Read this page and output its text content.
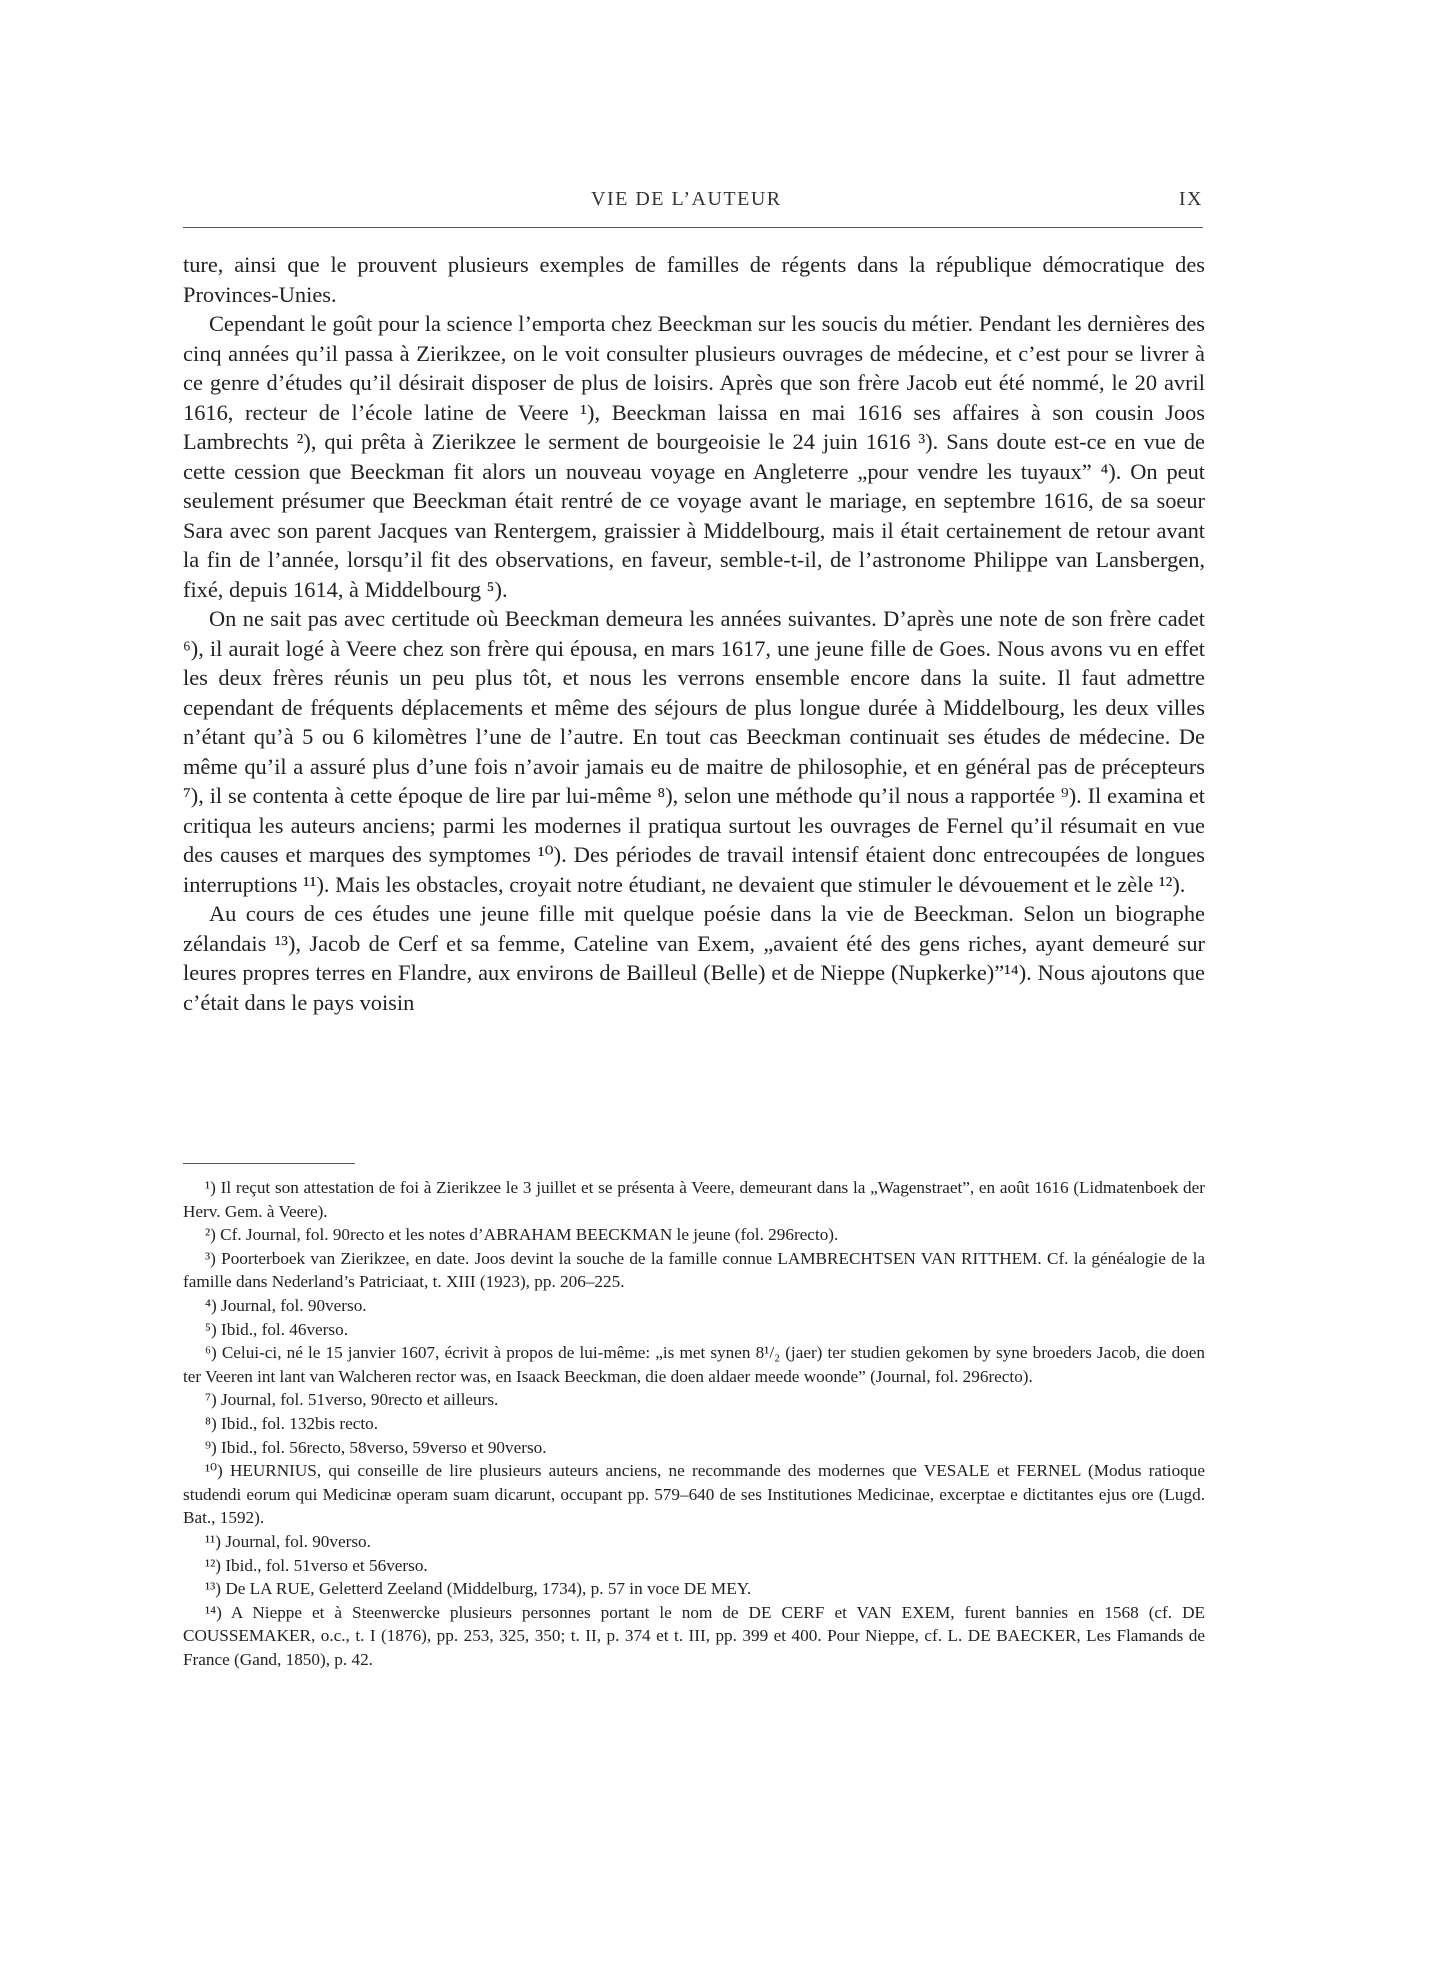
VIE DE L’AUTEUR	IX

ture, ainsi que le prouvent plusieurs exemples de familles de régents dans la république démocratique des Provinces-Unies.

Cependant le goût pour la science l’emporta chez Beeckman sur les soucis du métier. Pendant les dernières des cinq années qu’il passa à Zierikzee, on le voit consulter plusieurs ouvrages de médecine, et c’est pour se livrer à ce genre d’études qu’il désirait disposer de plus de loisirs. Après que son frère Jacob eut été nommé, le 20 avril 1616, recteur de l’école latine de Veere ¹), Beeckman laissa en mai 1616 ses affaires à son cousin Joos Lambrechts ²), qui prêta à Zierikzee le serment de bourgeoisie le 24 juin 1616 ³). Sans doute est-ce en vue de cette cession que Beeckman fit alors un nouveau voyage en Angleterre „pour vendre les tuyaux” ⁴). On peut seulement présumer que Beeckman était rentré de ce voyage avant le mariage, en septembre 1616, de sa soeur Sara avec son parent Jacques van Rentergem, graissier à Middelbourg, mais il était certainement de retour avant la fin de l’année, lorsqu’il fit des observations, en faveur, semble-t-il, de l’astronome Philippe van Lansbergen, fixé, depuis 1614, à Middelbourg ⁵).

On ne sait pas avec certitude où Beeckman demeura les années suivantes. D’après une note de son frère cadet ⁶), il aurait logé à Veere chez son frère qui épousa, en mars 1617, une jeune fille de Goes. Nous avons vu en effet les deux frères réunis un peu plus tôt, et nous les verrons ensemble encore dans la suite. Il faut admettre cependant de fréquents déplacements et même des séjours de plus longue durée à Middelbourg, les deux villes n’étant qu’à 5 ou 6 kilomètres l’une de l’autre. En tout cas Beeckman continuait ses études de médecine. De même qu’il a assuré plus d’une fois n’avoir jamais eu de maitre de philosophie, et en général pas de précepteurs ⁷), il se contenta à cette époque de lire par lui-même ⁸), selon une méthode qu’il nous a rapportée ⁹). Il examina et critiqua les auteurs anciens; parmi les modernes il pratiqua surtout les ouvrages de Fernel qu’il résumait en vue des causes et marques des symptomes ¹⁰). Des périodes de travail intensif étaient donc entrecoupées de longues interruptions ¹¹). Mais les obstacles, croyait notre étudiant, ne devaient que stimuler le dévouement et le zèle ¹²).

Au cours de ces études une jeune fille mit quelque poésie dans la vie de Beeckman. Selon un biographe zélandais ¹³), Jacob de Cerf et sa femme, Cateline van Exem, „avaient été des gens riches, ayant demeuré sur leures propres terres en Flandre, aux environs de Bailleul (Belle) et de Nieppe (Nupkerke)”¹⁴). Nous ajoutons que c’était dans le pays voisin

¹) Il reçut son attestation de foi à Zierikzee le 3 juillet et se présenta à Veere, demeurant dans la „Wagenstraet”, en août 1616 (Lidmatenboek der Herv. Gem. à Veere).

²) Cf. Journal, fol. 90recto et les notes d’ABRAHAM BEECKMAN le jeune (fol. 296recto).

³) Poorterboek van Zierikzee, en date. Joos devint la souche de la famille connue LAMBRECHTSEN VAN RITTHEM. Cf. la généalogie de la famille dans Nederland’s Patriciaat, t. XIII (1923), pp. 206–225.

⁴) Journal, fol. 90verso.

⁵) Ibid., fol. 46verso.

⁶) Celui-ci, né le 15 janvier 1607, écrivit à propos de lui-même: „is met synen 8¹/₂ (jaer) ter studien gekomen by syne broeders Jacob, die doen ter Veeren int lant van Walcheren rector was, en Isaack Beeckman, die doen aldaer meede woonde” (Journal, fol. 296recto).

⁷) Journal, fol. 51verso, 90recto et ailleurs.

⁸) Ibid., fol. 132bis recto.

⁹) Ibid., fol. 56recto, 58verso, 59verso et 90verso.

¹⁰) HEURNIUS, qui conseille de lire plusieurs auteurs anciens, ne recommande des modernes que VESALE et FERNEL (Modus ratioque studendi eorum qui Medicinæ operam suam dicarunt, occupant pp. 579–640 de ses Institutiones Medicinae, excerptae e dictitantes ejus ore (Lugd. Bat., 1592).

¹¹) Journal, fol. 90verso.

¹²) Ibid., fol. 51verso et 56verso.

¹³) De LA RUE, Geletterd Zeeland (Middelburg, 1734), p. 57 in voce DE MEY.

¹⁴) A Nieppe et à Steenwercke plusieurs personnes portant le nom de DE CERF et VAN EXEM, furent bannies en 1568 (cf. DE COUSSEMAKER, o.c., t. I (1876), pp. 253, 325, 350; t. II, p. 374 et t. III, pp. 399 et 400. Pour Nieppe, cf. L. DE BAECKER, Les Flamands de France (Gand, 1850), p. 42.
